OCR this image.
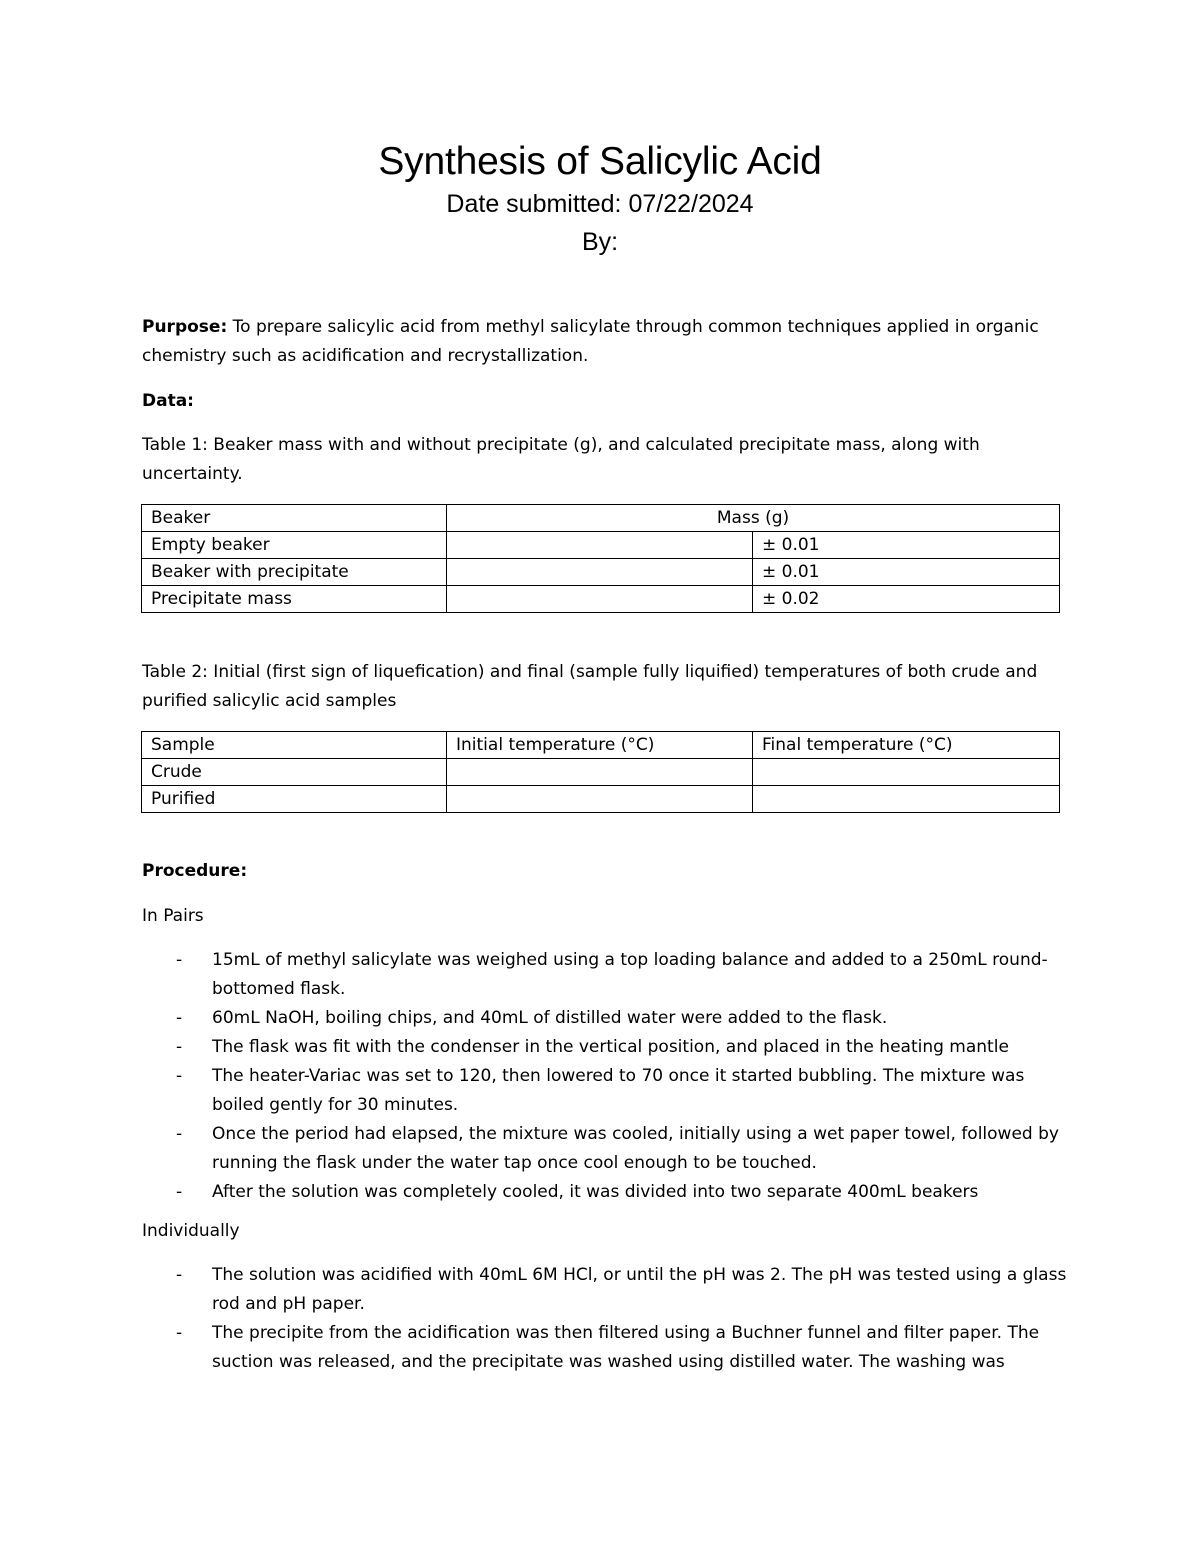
Synthesis of Salicylic Acid
Date submitted: 07/22/2024
By:
Purpose: To prepare salicylic acid from methyl salicylate through common techniques applied in organic chemistry such as acidification and recrystallization.
Data:
Table 1: Beaker mass with and without precipitate (g), and calculated precipitate mass, along with uncertainty.
Beaker	Mass (g)	
Empty beaker		± 0.01
Beaker with precipitate		± 0.01
Precipitate mass		± 0.02
Table 2: Initial (first sign of liquefication) and final (sample fully liquified) temperatures of both crude and purified salicylic acid samples
Sample	Initial temperature (°C)	Final temperature (°C)
Crude		
Purified		
Procedure:
In Pairs
- 15mL of methyl salicylate was weighed using a top loading balance and added to a 250mL round-bottomed flask.
- 60mL NaOH, boiling chips, and 40mL of distilled water were added to the flask.
- The flask was fit with the condenser in the vertical position, and placed in the heating mantle
- The heater-Variac was set to 120, then lowered to 70 once it started bubbling. The mixture was boiled gently for 30 minutes.
- Once the period had elapsed, the mixture was cooled, initially using a wet paper towel, followed by running the flask under the water tap once cool enough to be touched.
- After the solution was completely cooled, it was divided into two separate 400mL beakers
Individually
- The solution was acidified with 40mL 6M HCl, or until the pH was 2. The pH was tested using a glass rod and pH paper.
- The precipite from the acidification was then filtered using a Buchner funnel and filter paper. The suction was released, and the precipitate was washed using distilled water. The washing was
